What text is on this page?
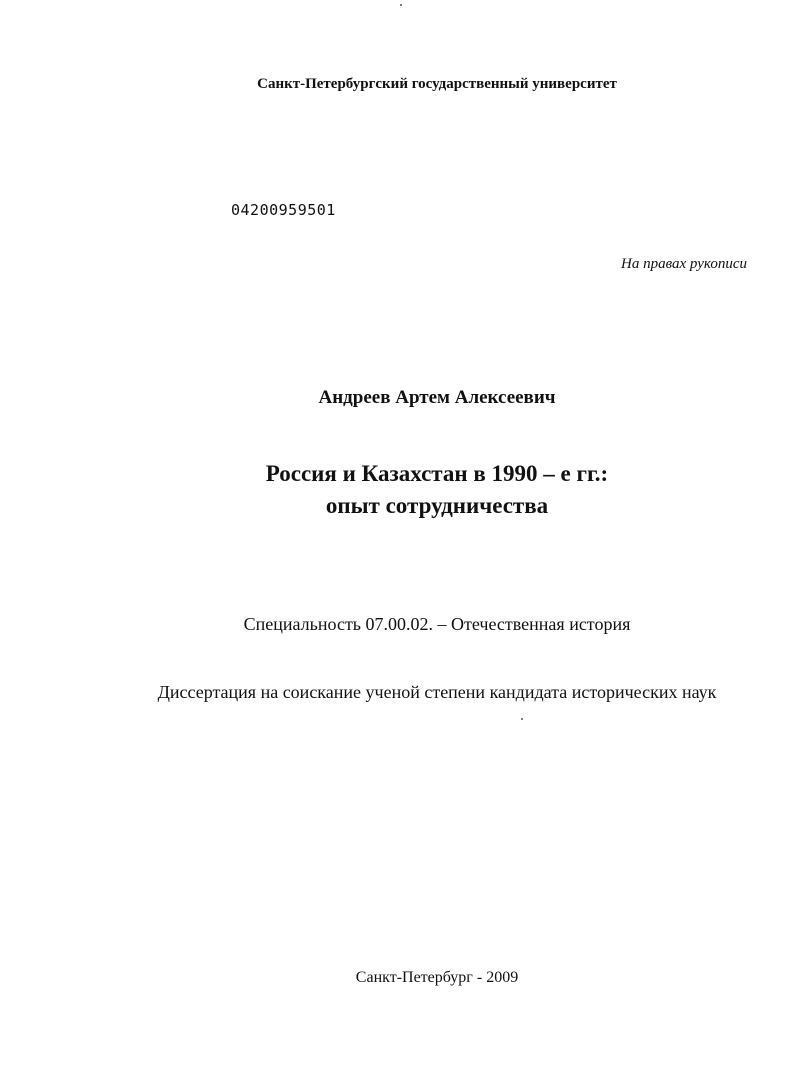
Санкт-Петербургский государственный университет
04200959501
На правах рукописи
Андреев Артем Алексеевич
Россия и Казахстан в 1990 – е гг.:
опыт сотрудничества
Специальность 07.00.02. – Отечественная история
Диссертация на соискание ученой степени кандидата исторических наук
Санкт-Петербург - 2009
